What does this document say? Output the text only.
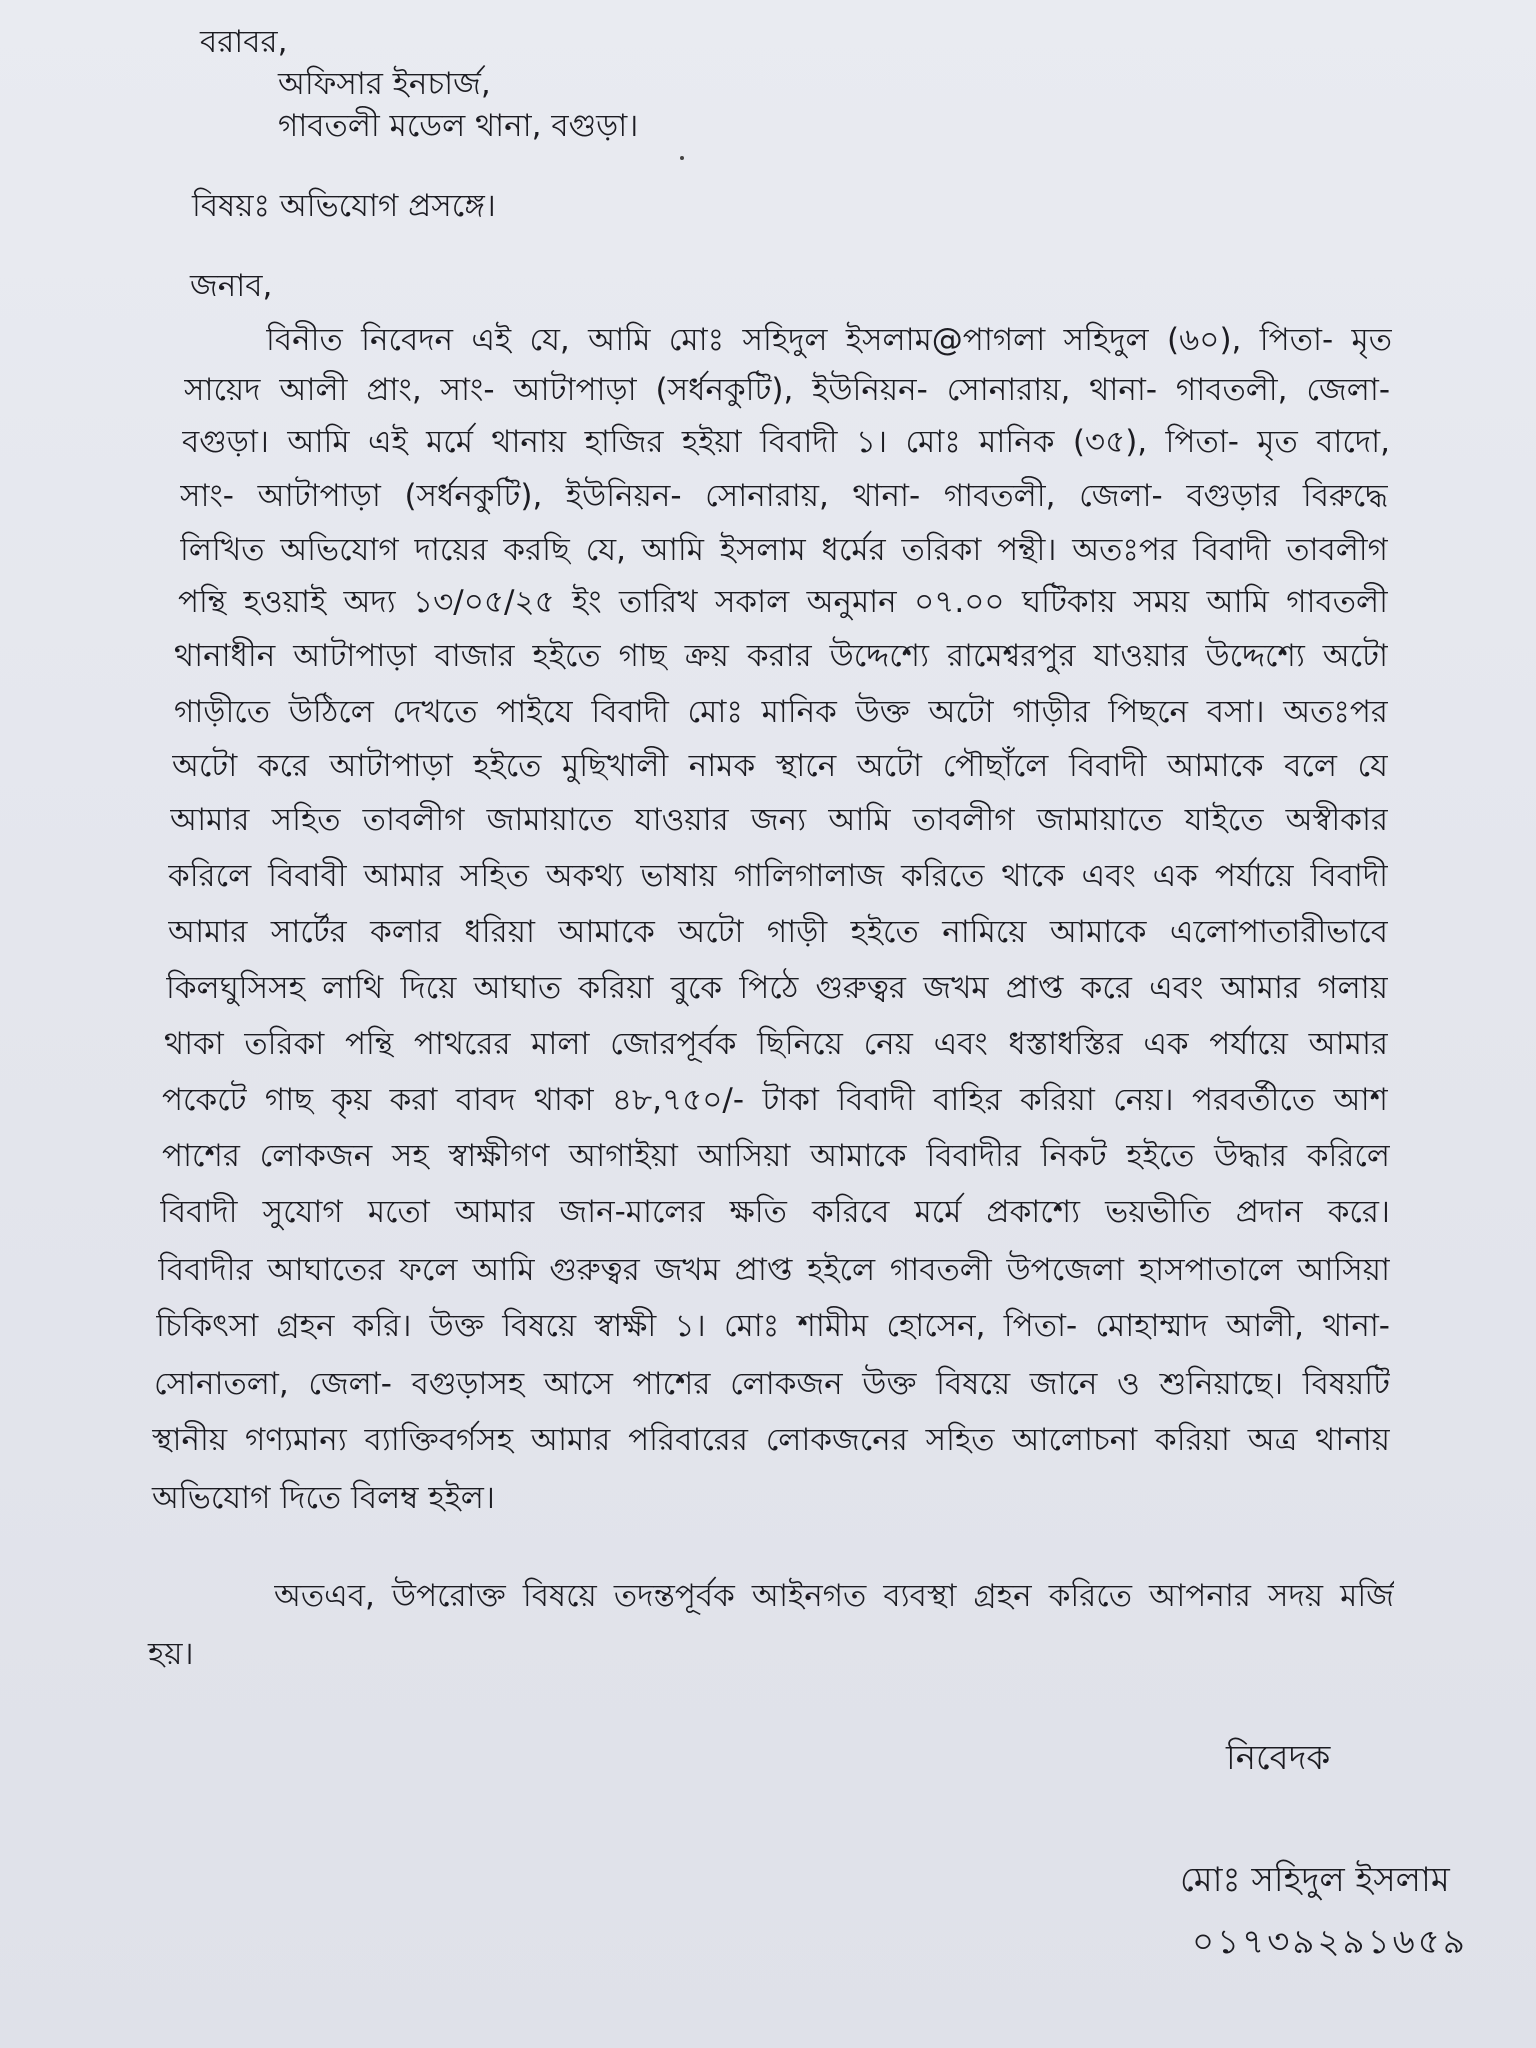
বরাবর,
অফিসার ইনচার্জ,
গাবতলী মডেল থানা, বগুড়া।
বিষয়ঃ অভিযোগ প্রসঙ্গে।
জনাব,
বিনীত নিবেদন এই যে, আমি মোঃ সহিদুল ইসলাম@পাগলা সহিদুল (৬০), পিতা- মৃত
সায়েদ আলী প্রাং, সাং- আটাপাড়া (সর্ধনকুটি), ইউনিয়ন- সোনারায়, থানা- গাবতলী, জেলা-
বগুড়া। আমি এই মর্মে থানায় হাজির হইয়া বিবাদী ১। মোঃ মানিক (৩৫), পিতা- মৃত বাদো,
সাং- আটাপাড়া (সর্ধনকুটি), ইউনিয়ন- সোনারায়, থানা- গাবতলী, জেলা- বগুড়ার বিরুদ্ধে
লিখিত অভিযোগ দায়ের করছি যে, আমি ইসলাম ধর্মের তরিকা পন্থী। অতঃপর বিবাদী তাবলীগ
পন্থি হওয়াই অদ্য ১৩/০৫/২৫ ইং তারিখ সকাল অনুমান ০৭.০০ ঘটিকায় সময় আমি গাবতলী
থানাধীন আটাপাড়া বাজার হইতে গাছ ক্রয় করার উদ্দেশ্যে রামেশ্বরপুর যাওয়ার উদ্দেশ্যে অটো
গাড়ীতে উঠিলে দেখতে পাইযে বিবাদী মোঃ মানিক উক্ত অটো গাড়ীর পিছনে বসা। অতঃপর
অটো করে আটাপাড়া হইতে মুছিখালী নামক স্থানে অটো পৌছাঁলে বিবাদী আমাকে বলে যে
আমার সহিত তাবলীগ জামায়াতে যাওয়ার জন্য আমি তাবলীগ জামায়াতে যাইতে অস্বীকার
করিলে বিবাবী আমার সহিত অকথ্য ভাষায় গালিগালাজ করিতে থাকে এবং এক পর্যায়ে বিবাদী
আমার সার্টের কলার ধরিয়া আমাকে অটো গাড়ী হইতে নামিয়ে আমাকে এলোপাতারীভাবে
কিলঘুসিসহ লাথি দিয়ে আঘাত করিয়া বুকে পিঠে গুরুত্বর জখম প্রাপ্ত করে এবং আমার গলায়
থাকা তরিকা পন্থি পাথরের মালা জোরপূর্বক ছিনিয়ে নেয় এবং ধস্তাধস্তির এক পর্যায়ে আমার
পকেটে গাছ কৃয় করা বাবদ থাকা ৪৮,৭৫০/- টাকা বিবাদী বাহির করিয়া নেয়। পরবর্তীতে আশ
পাশের লোকজন সহ স্বাক্ষীগণ আগাইয়া আসিয়া আমাকে বিবাদীর নিকট হইতে উদ্ধার করিলে
বিবাদী সুযোগ মতো আমার জান-মালের ক্ষতি করিবে মর্মে প্রকাশ্যে ভয়ভীতি প্রদান করে।
বিবাদীর আঘাতের ফলে আমি গুরুত্বর জখম প্রাপ্ত হইলে গাবতলী উপজেলা হাসপাতালে আসিয়া
চিকিৎসা গ্রহন করি। উক্ত বিষয়ে স্বাক্ষী ১। মোঃ শামীম হোসেন, পিতা- মোহাম্মাদ আলী, থানা-
সোনাতলা, জেলা- বগুড়াসহ আসে পাশের লোকজন উক্ত বিষয়ে জানে ও শুনিয়াছে। বিষয়টি
স্থানীয় গণ্যমান্য ব্যাক্তিবর্গসহ আমার পরিবারের লোকজনের সহিত আলোচনা করিয়া অত্র থানায়
অভিযোগ দিতে বিলম্ব হইল।
অতএব, উপরোক্ত বিষয়ে তদন্তপূর্বক আইনগত ব্যবস্থা গ্রহন করিতে আপনার সদয় মর্জি
হয়।
নিবেদক
মোঃ সহিদুল ইসলাম
০১৭৩৯২৯১৬৫৯
